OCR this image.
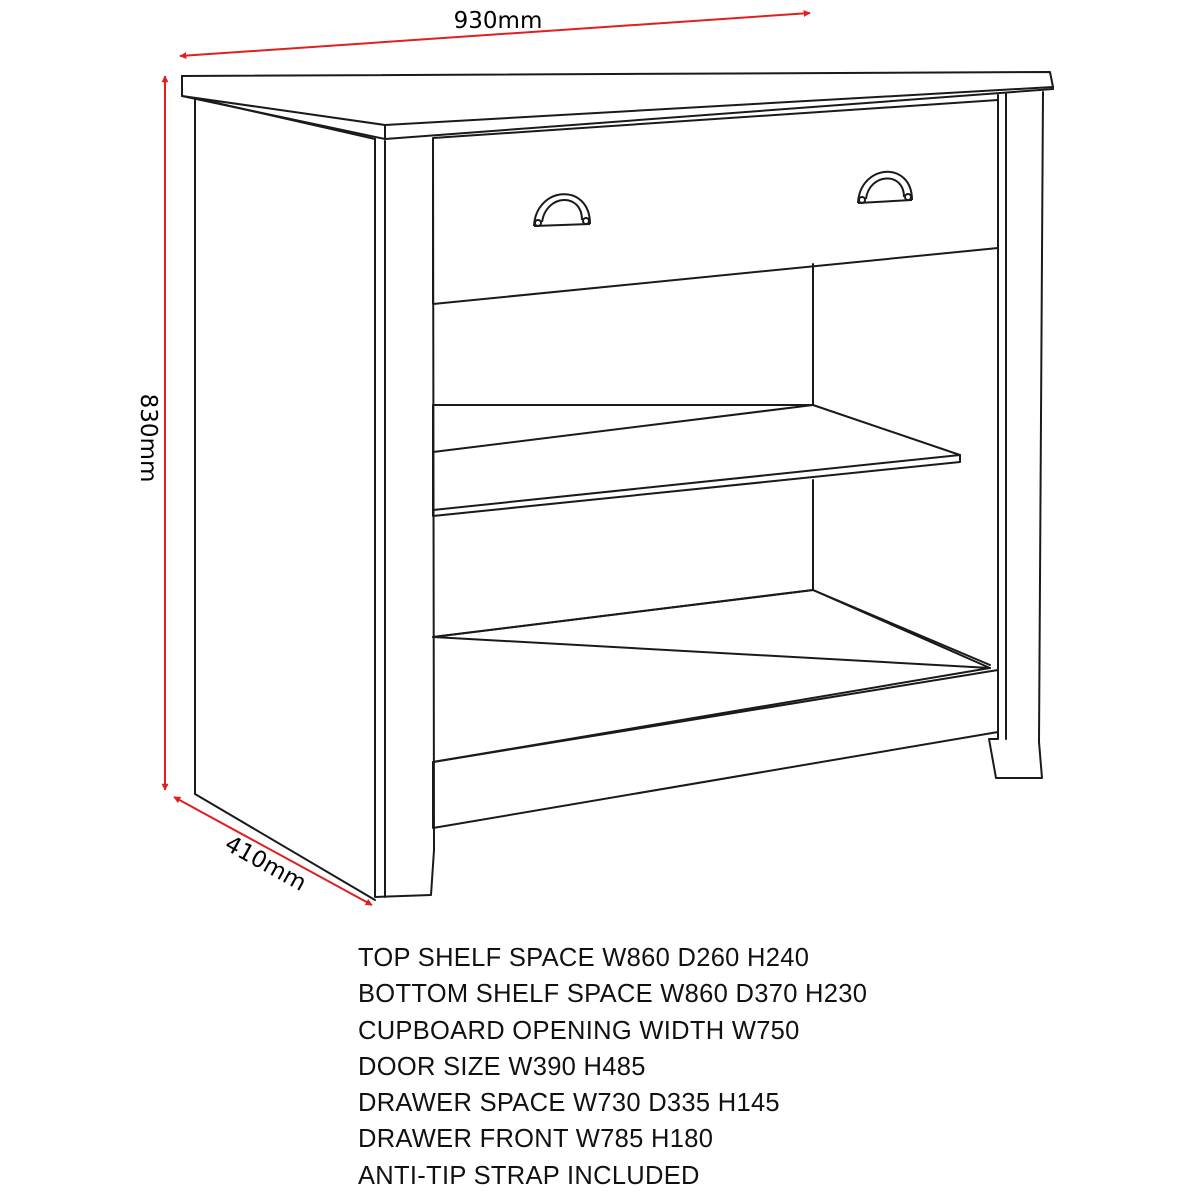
930mm
830mm
410mm
TOP SHELF SPACE W860 D260 H240
BOTTOM SHELF SPACE W860 D370 H230
CUPBOARD OPENING WIDTH W750
DOOR SIZE W390 H485
DRAWER SPACE W730 D335 H145
DRAWER FRONT W785 H180
ANTI-TIP STRAP INCLUDED
